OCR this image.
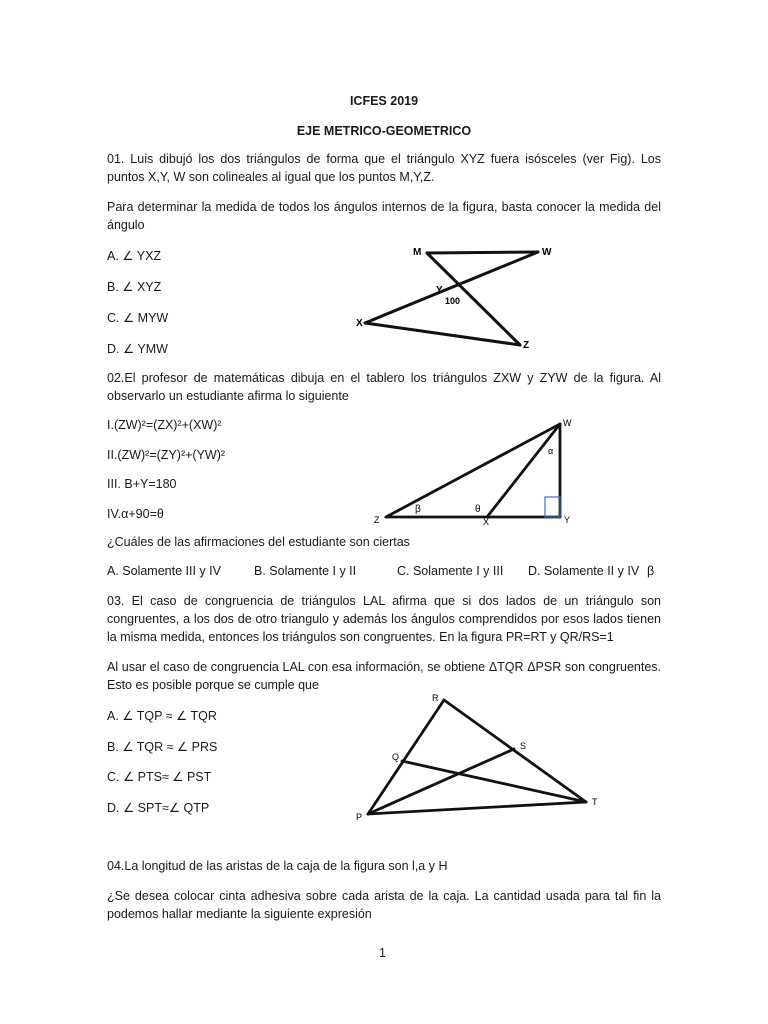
ICFES 2019
EJE METRICO-GEOMETRICO
01. Luis dibujó los dos triángulos de forma que el triángulo XYZ fuera isósceles (ver Fig). Los puntos X,Y, W son colineales al igual que los puntos M,Y,Z.
Para determinar la medida de todos los ángulos internos de la figura, basta conocer la medida del ángulo
A. ∠ YXZ
B. ∠ XYZ
C. ∠ MYW
D. ∠ YMW
M	W
Y
100
X
Z
02.El profesor de matemáticas dibuja en el tablero los triángulos ZXW y ZYW de la figura. Al observarlo un estudiante afirma lo siguiente
I.(ZW)²=(ZX)²+(XW)²
II.(ZW)²=(ZY)²+(YW)²
III. B+Y=180
IV.α+90=θ
W
α
Z
β	θ
X	Y
¿Cuáles de las afirmaciones del estudiante son ciertas
A. Solamente III y IV	B. Solamente I y II	C. Solamente I y III D. Solamente II y IV β
03. El caso de congruencia de triángulos LAL afirma que si dos lados de un triángulo son congruentes, a los dos de otro triangulo y además los ángulos comprendidos por esos lados tienen la misma medida, entonces los triángulos son congruentes. En la figura PR=RT y QR/RS=1
Al usar el caso de congruencia LAL con esa información, se obtiene ΔTQR ΔPSR son congruentes. Esto es posible porque se cumple que
A. ∠ TQP ≈ ∠ TQR
B. ∠ TQR ≈ ∠ PRS
C. ∠ PTS≈ ∠ PST
D. ∠ SPT≈∠ QTP
R
Q
S
P
T
04.La longitud de las aristas de la caja de la figura son l,a y H
¿Se desea colocar cinta adhesiva sobre cada arista de la caja. La cantidad usada para tal fin la podemos hallar mediante la siguiente expresión
1
